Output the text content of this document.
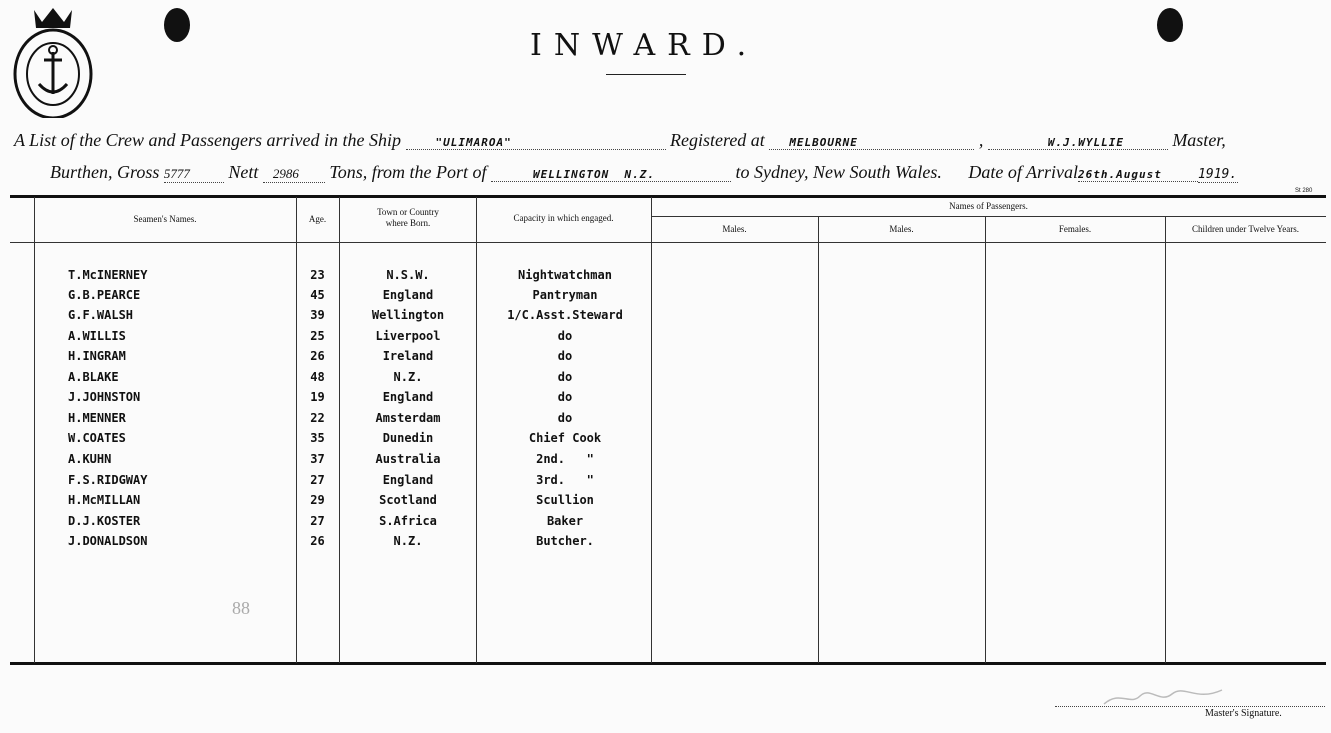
INWARD.
A List of the Crew and Passengers arrived in the Ship	"ULIMAROA"	Registered at MELBOURNE	,	W.J.WYLLIE	Master,
Burthen, Gross 5777 Nett 2986 Tons, from the Port of	WELLINGTON  N.Z.	to Sydney, New South Wales. Date of Arrival26th.August	1919.
St 280
Seamen's Names.	Age.
Town or Country where Born.	Capacity in which engaged.
Names of Passengers.
Males.	Males.	Females.	Children under Twelve Years.
T.McINERNEY	23	N.S.W.	Nightwatchman
G.B.PEARCE	45	England	Pantryman
G.F.WALSH	39	Wellington	1/C.Asst.Steward
A.WILLIS	25	Liverpool	do
H.INGRAM	26	Ireland	do
A.BLAKE	48	N.Z.	do
J.JOHNSTON	19	England	do
H.MENNER	22	Amsterdam	do
W.COATES	35	Dunedin	Chief Cook
A.KUHN	37	Australia	2nd.   "
F.S.RIDGWAY	27	England	3rd.   "
H.McMILLAN	29	Scotland	Scullion
D.J.KOSTER	27	S.Africa	Baker
J.DONALDSON	26	N.Z.	Butcher.
88
Master's Signature.
